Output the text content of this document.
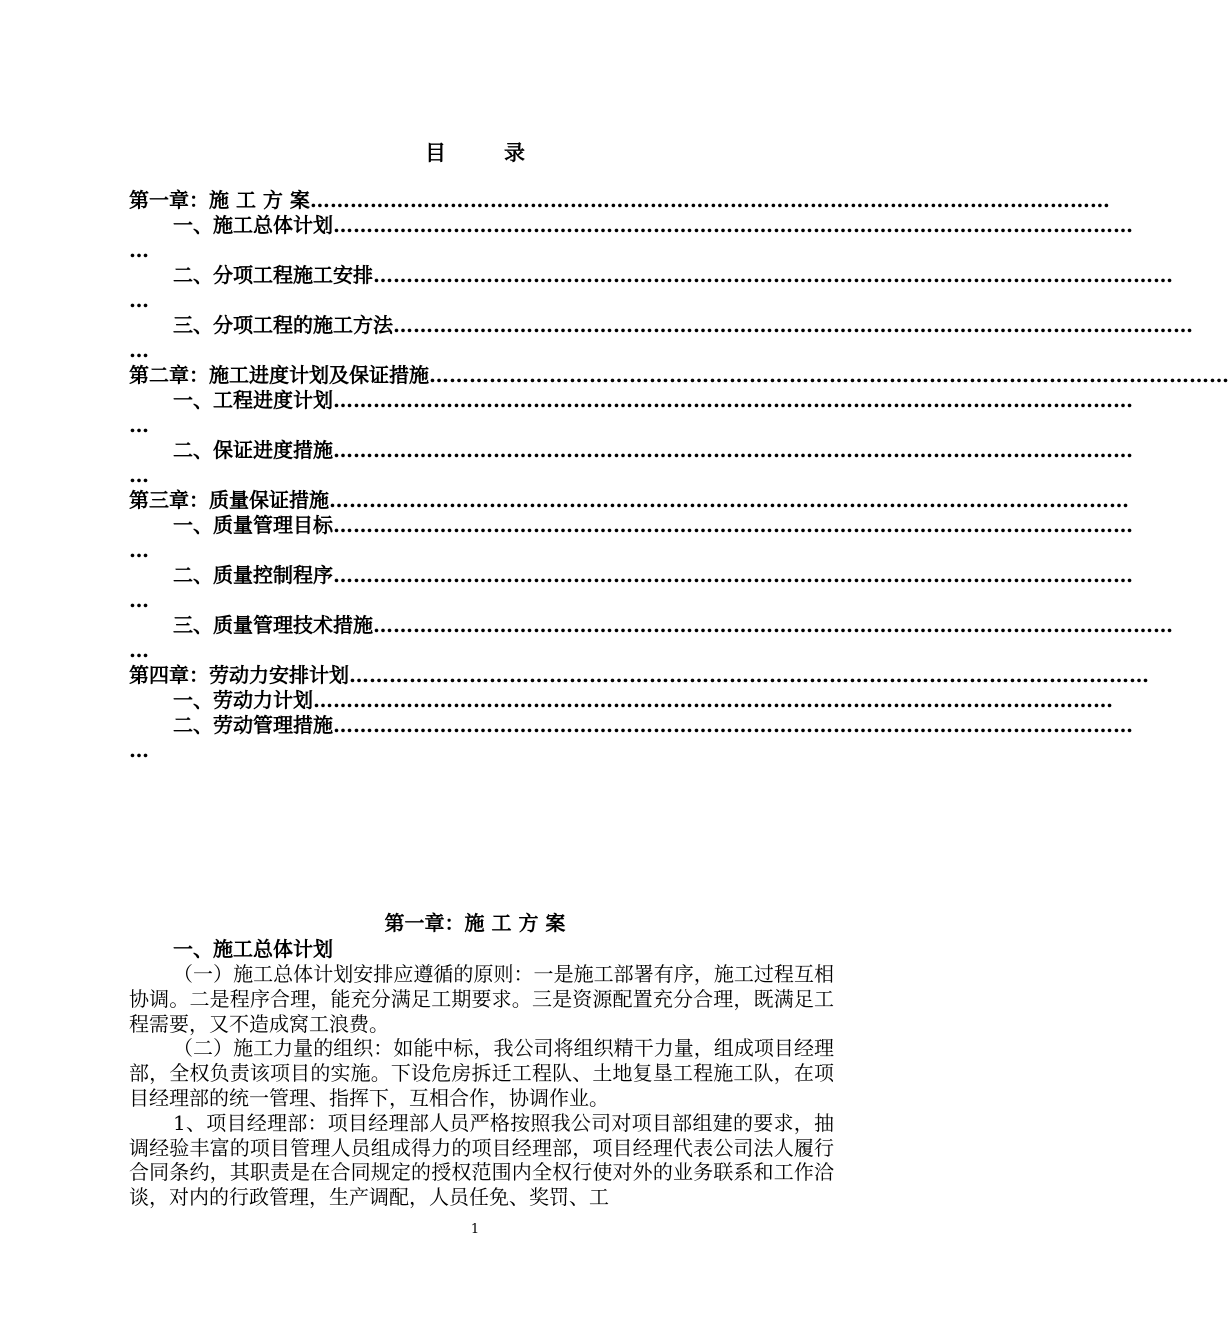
目	录
第一章：施 工 方 案…………………………………………………………………………………………………………
一、施工总体计划…………………………………………………………………………………………………………
…
二、分项工程施工安排…………………………………………………………………………………………………………
…
三、分项工程的施工方法…………………………………………………………………………………………………………
…
第二章：施工进度计划及保证措施…………………………………………………………………………………………………………
一、工程进度计划…………………………………………………………………………………………………………
…
二、保证进度措施…………………………………………………………………………………………………………
…
第三章：质量保证措施…………………………………………………………………………………………………………
一、质量管理目标…………………………………………………………………………………………………………
…
二、质量控制程序…………………………………………………………………………………………………………
…
三、质量管理技术措施…………………………………………………………………………………………………………
…
第四章：劳动力安排计划…………………………………………………………………………………………………………
一、劳动力计划…………………………………………………………………………………………………………
二、劳动管理措施…………………………………………………………………………………………………………
…
第一章：施 工 方 案
一、施工总体计划

（一）施工总体计划安排应遵循的原则：一是施工部署有序，施工过程互相协调。二是程序合理，能充分满足工期要求。三是资源配置充分合理，既满足工程需要，又不造成窝工浪费。

（二）施工力量的组织：如能中标，我公司将组织精干力量，组成项目经理部，全权负责该项目的实施。下设危房拆迁工程队、土地复垦工程施工队，在项目经理部的统一管理、指挥下，互相合作，协调作业。

1、项目经理部：项目经理部人员严格按照我公司对项目部组建的要求，抽调经验丰富的项目管理人员组成得力的项目经理部，项目经理代表公司法人履行合同条约，其职责是在合同规定的授权范围内全权行使对外的业务联系和工作洽谈，对内的行政管理，生产调配，人员任免、奖罚、工

1
